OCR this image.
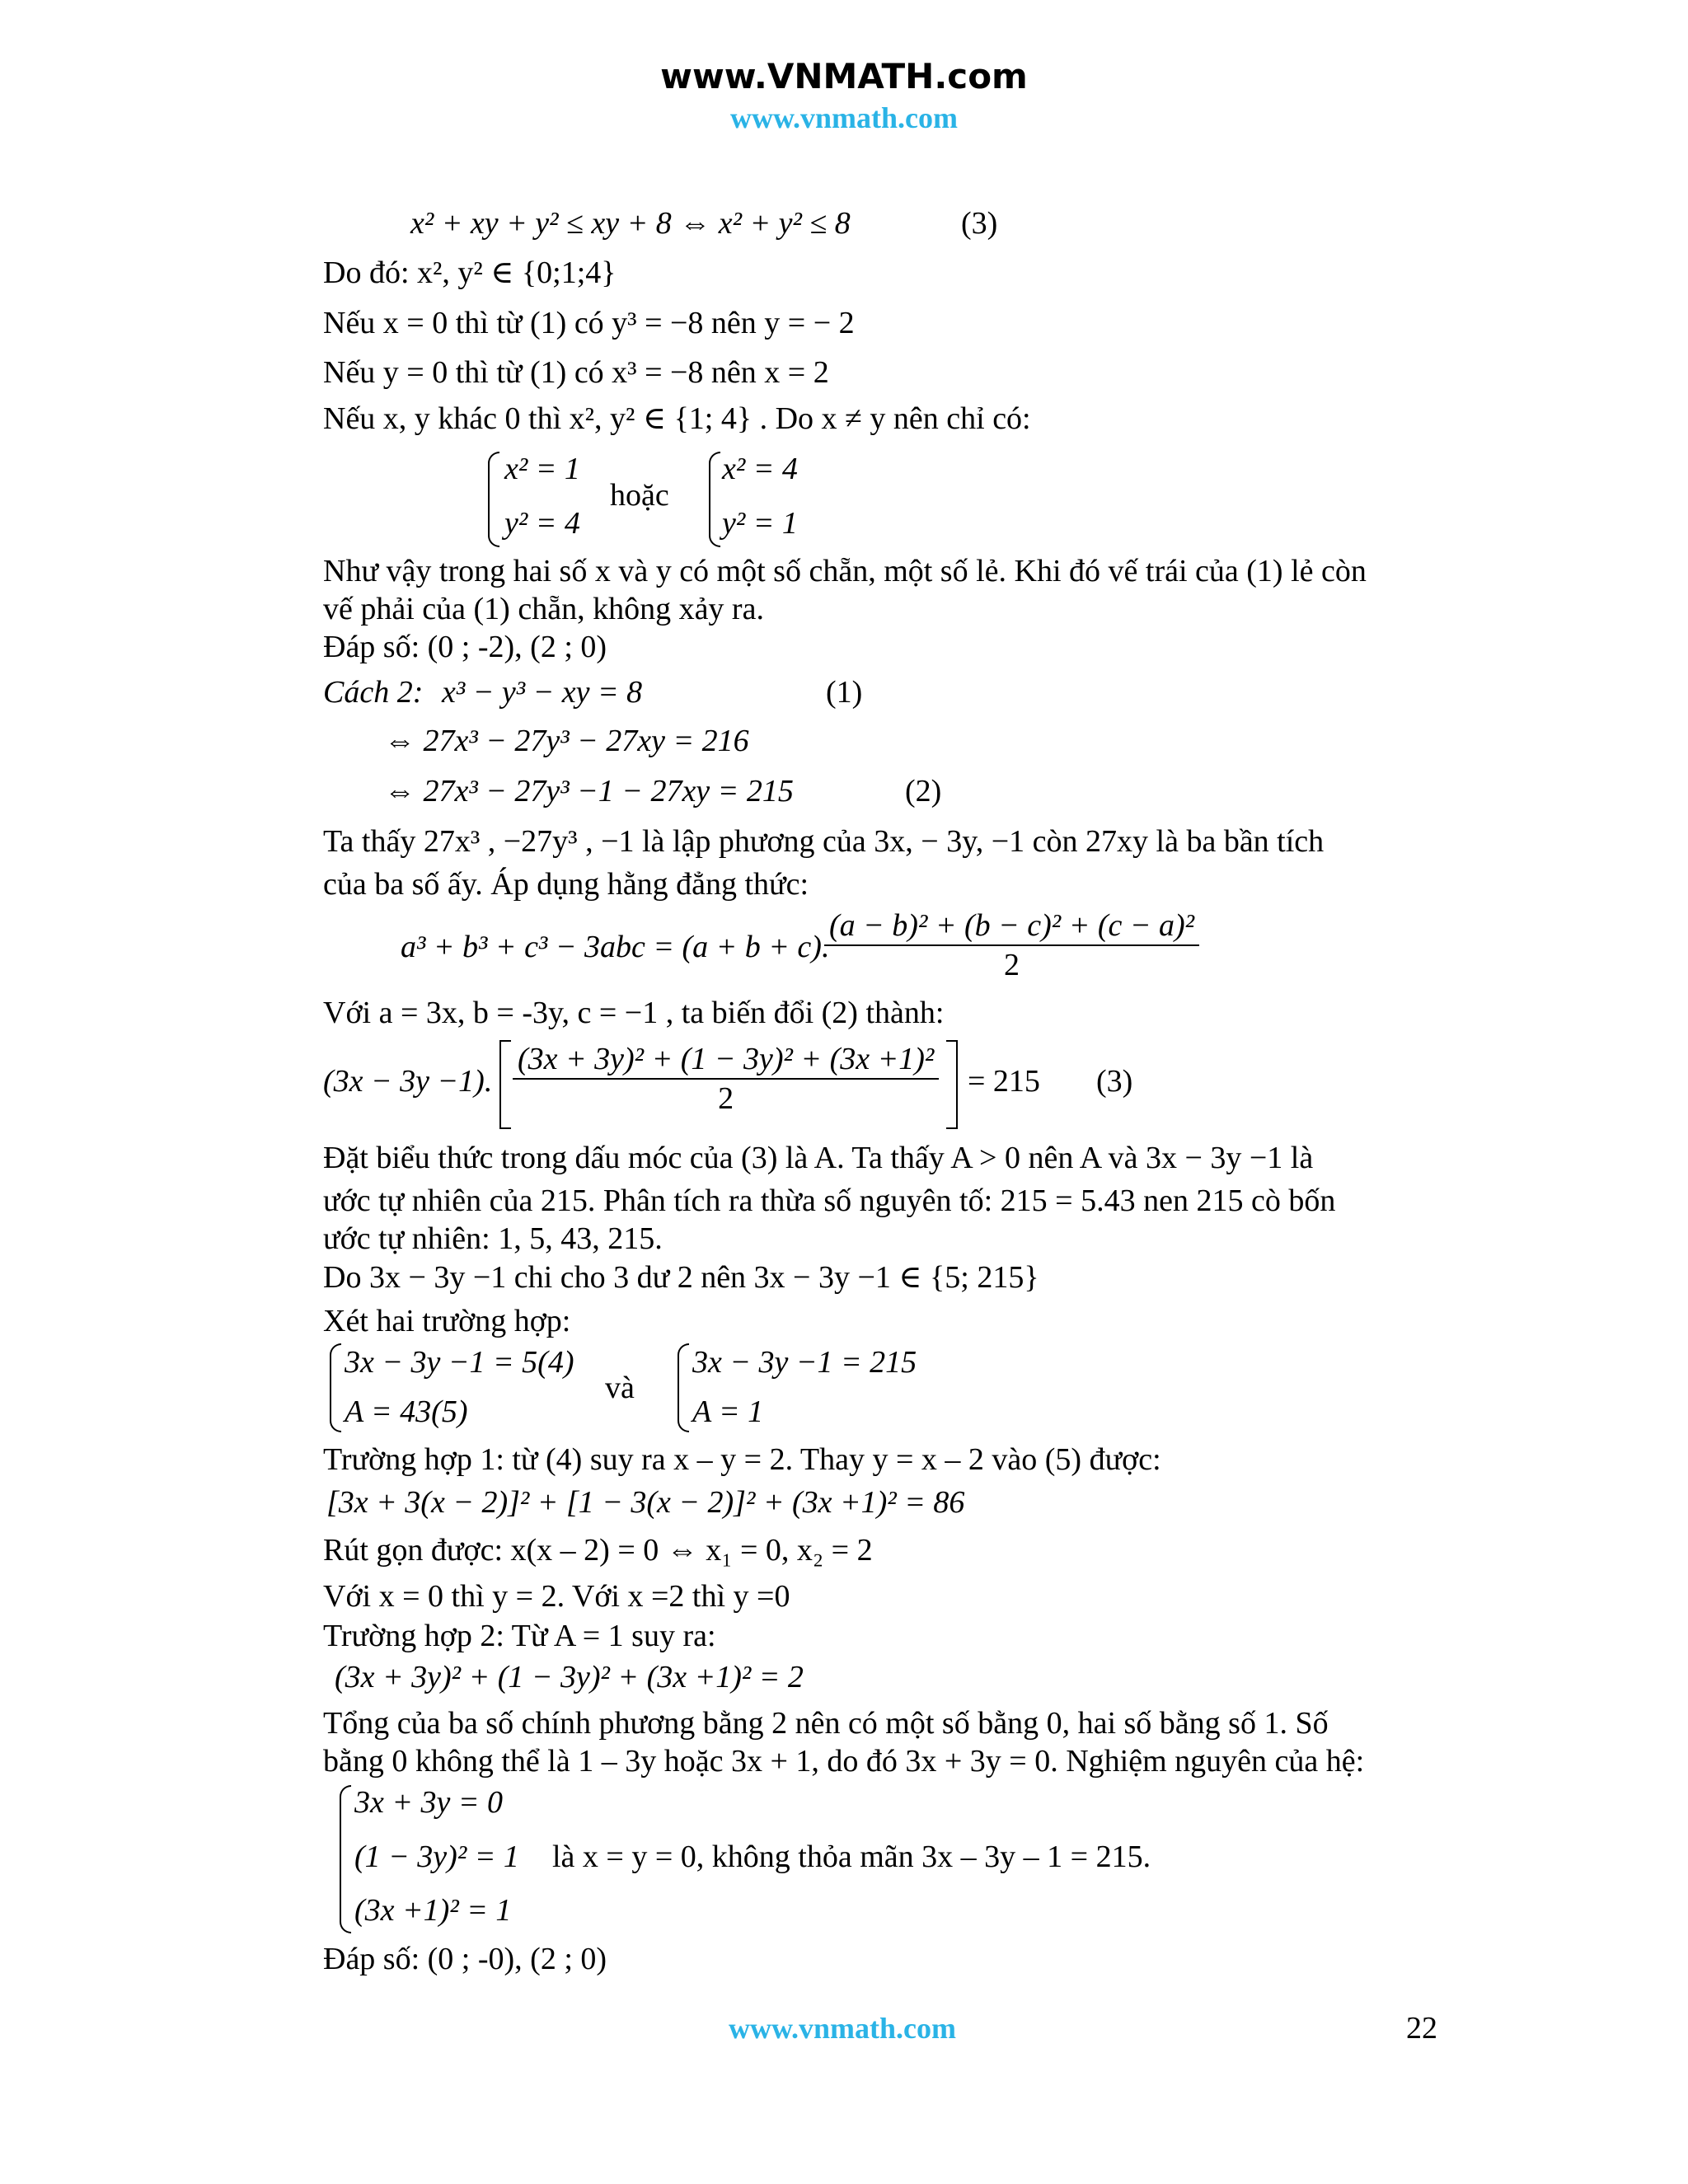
www.VNMATH.com
www.vnmath.com
x² + xy + y² ≤ xy + 8 ⇔ x² + y² ≤ 8	(3)
Do đó: x², y² ∈ {0;1;4}
Nếu x = 0 thì từ (1) có y³ = −8 nên y = − 2
Nếu y = 0 thì từ (1) có x³ = −8 nên x = 2
Nếu x, y khác 0 thì x², y² ∈ {1; 4} . Do x ≠ y nên chỉ có:
x² = 1
y² = 4
hoặc
x² = 4
y² = 1
Như vậy trong hai số x và y có một số chẵn, một số lẻ. Khi đó vế trái của (1) lẻ còn
vế phải của (1) chẵn, không xảy ra.
Đáp số: (0 ; -2), (2 ; 0)
Cách 2: x³ − y³ − xy = 8	(1)
⇔ 27x³ − 27y³ − 27xy = 216
⇔ 27x³ − 27y³ −1 − 27xy = 215	(2)
Ta thấy 27x³ , −27y³ , −1 là lập phương của 3x, − 3y, −1 còn 27xy là ba bần tích
của ba số ấy. Áp dụng hằng đẳng thức:
a³ + b³ + c³ − 3abc = (a + b + c).
$\frac{\text{(a − b)² + (b − c)² + (c − a)²}}{2}$
Với a = 3x, b = -3y, c = −1 , ta biến đổi (2) thành:
(3x − 3y −1). $\frac{\text{(3x + 3y)² + (1 − 3y)² + (3x +1)²}}{2} = 215$ (3)
Đặt biểu thức trong dấu móc của (3) là A. Ta thấy A > 0 nên A và 3x − 3y −1 là
ước tự nhiên của 215. Phân tích ra thừa số nguyên tố: 215 = 5.43 nen 215 cò bốn
ước tự nhiên: 1, 5, 43, 215.
Do 3x − 3y −1 chi cho 3 dư 2 nên 3x − 3y −1 ∈ {5; 215}
Xét hai trường hợp:
3x − 3y −1 = 5(4)
A = 43(5)
và
3x − 3y −1 = 215
A = 1
Trường hợp 1: từ (4) suy ra x – y = 2. Thay y = x – 2 vào (5) được:
[3x + 3(x − 2)]² + [1 − 3(x − 2)]² + (3x +1)² = 86
Rút gọn được: x(x – 2) = 0 ⇔ x₁ = 0, x₂ = 2
Với x = 0 thì y = 2. Với x =2 thì y =0
Trường hợp 2: Từ A = 1 suy ra:
(3x + 3y)² + (1 − 3y)² + (3x +1)² = 2
Tổng của ba số chính phương bằng 2 nên có một số bằng 0, hai số bằng số 1. Số
bằng 0 không thể là 1 – 3y hoặc 3x + 1, do đó 3x + 3y = 0. Nghiệm nguyên của hệ:
3x + 3y = 0
(1 − 3y)² = 1
(3x +1)² = 1
là x = y = 0, không thỏa mãn 3x – 3y – 1 = 215.
Đáp số: (0 ; -0), (2 ; 0)
www.vnmath.com	22
